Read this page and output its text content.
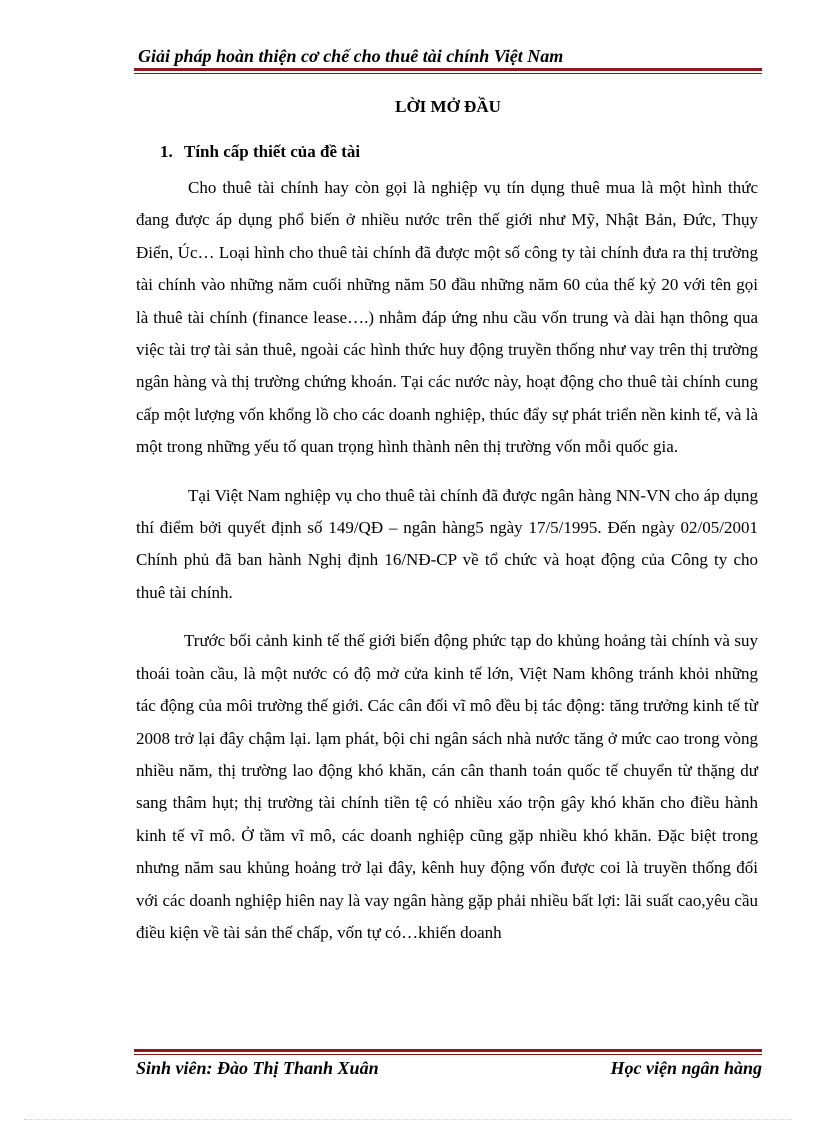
Giải pháp hoàn thiện cơ chế cho thuê tài chính Việt Nam
LỜI MỞ ĐẦU
1. Tính cấp thiết của đề tài

Cho thuê tài chính hay còn gọi là nghiệp vụ tín dụng thuê mua là một hình thức đang được áp dụng phổ biến ở nhiều nước trên thế giới như Mỹ, Nhật Bản, Đức, Thụy Điển, Úc… Loại hình cho thuê tài chính đã được một số công ty tài chính đưa ra thị trường tài chính vào những năm cuối những năm 50 đầu những năm 60 của thế kỷ 20 với tên gọi là thuê tài chính (finance lease….) nhằm đáp ứng nhu cầu vốn trung và dài hạn thông qua việc tài trợ tài sản thuê, ngoài các hình thức huy động truyền thống như vay trên thị trường ngân hàng và thị trường chứng khoán. Tại các nước này, hoạt động cho thuê tài chính cung cấp một lượng vốn khổng lồ cho các doanh nghiệp, thúc đẩy sự phát triển nền kinh tế, và là một trong những yếu tố quan trọng hình thành nên thị trường vốn mỗi quốc gia.

Tại Việt Nam nghiệp vụ cho thuê tài chính đã được ngân hàng NN-VN cho áp dụng thí điểm bởi quyết định số 149/QĐ – ngân hàng5 ngày 17/5/1995. Đến ngày 02/05/2001 Chính phủ đã ban hành Nghị định 16/NĐ-CP về tổ chức và hoạt động của Công ty cho thuê tài chính.

Trước bối cảnh kinh tế thế giới biến động phức tạp do khủng hoảng tài chính và suy thoái toàn cầu, là một nước có độ mở cửa kinh tế lớn, Việt Nam không tránh khỏi những tác động của môi trường thế giới. Các cân đối vĩ mô đều bị tác động: tăng trưởng kinh tế từ 2008 trở lại đây chậm lại. lạm phát, bội chi ngân sách nhà nước tăng ở mức cao trong vòng nhiều năm, thị trường lao động khó khăn, cán cân thanh toán quốc tế chuyển từ thặng dư sang thâm hụt; thị trường tài chính tiền tệ có nhiều xáo trộn gây khó khăn cho điều hành kinh tế vĩ mô. Ở tầm vĩ mô, các doanh nghiệp cũng gặp nhiều khó khăn. Đặc biệt trong nhưng năm sau khủng hoảng trở lại đây, kênh huy động vốn được coi là truyền thống đối với các doanh nghiệp hiên nay là vay ngân hàng gặp phải nhiều bất lợi: lãi suất cao,yêu cầu điều kiện về tài sản thế chấp, vốn tự có…khiến doanh

Sinh viên: Đào Thị Thanh Xuân	Học viện ngân hàng
